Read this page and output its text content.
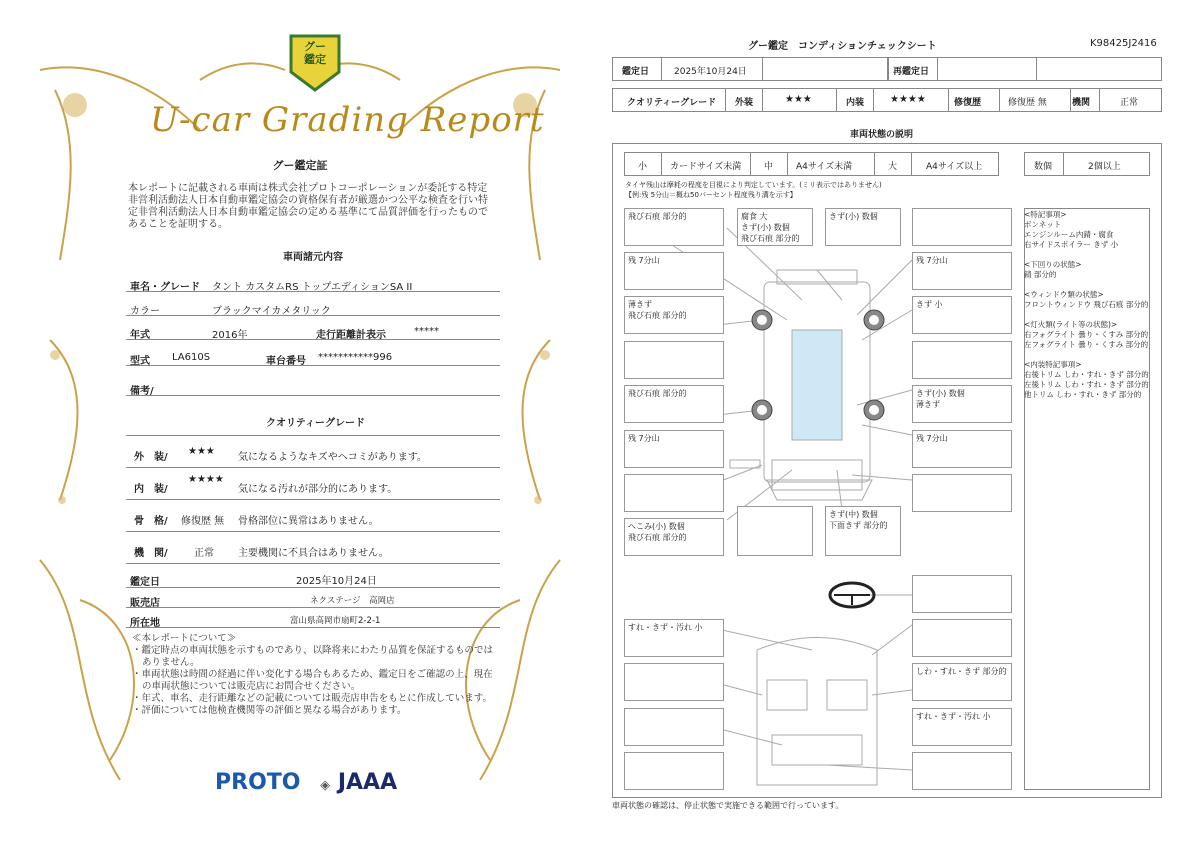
グー
鑑定
U-car Grading Report
グー鑑定証
本レポートに記載される車両は株式会社プロトコーポレーションが委託する特定非営利活動法人日本自動車鑑定協会の資格保有者が厳選かつ公平な検査を行い特定非営利活動法人日本自動車鑑定協会の定める基準にて品質評価を行ったものであることを証明する。
車両諸元内容
車名・グレード タント カスタムRS トップエディションSA II
カラー	ブラックマイカメタリック
年式	2016年	走行距離計表示	*****
型式 LA610S	車台番号 ***********996
備考/
クオリティーグレード
外　装/
★★★
気になるようなキズやヘコミがあります。
内　装/
★★★★
気になる汚れが部分的にあります。
骨　格/ 修復歴 無 骨格部位に異常はありません。
機　関/	正常 主要機関に不具合はありません。
鑑定日	2025年10月24日
販売店	ネクステージ　高岡店
所在地	富山県高岡市扇町2-2-1
≪本レポートについて≫
・鑑定時点の車両状態を示すものであり、以降将来にわたり品質を保証するものではありません。
・車両状態は時間の経過に伴い変化する場合もあるため、鑑定日をご確認の上、現在の車両状態については販売店にお問合せください。
・年式、車名、走行距離などの記載については販売店申告をもとに作成しています。
・評価については他検査機関等の評価と異なる場合があります。
PROTO ◈ JAAA
グー鑑定　コンディションチェックシート	K98425J2416
鑑定日	2025年10月24日	再鑑定日
クオリティーグレード 外装	★★★	内装	★★★★	修復歴	修復歴 無	機関	正常
車両状態の説明
小	カードサイズ未満	中	A4サイズ未満	大	A4サイズ以上	数個	2個以上
タイヤ残山は摩耗の程度を目視により判定しています。(ミリ表示ではありません)
【例:残 5分山＝概ね50パーセント程度残り溝を示す】
飛び石痕 部分的	腐食 大
きず(小) 数個
飛び石痕 部分的
きず(小) 数個
残 7分山	残 7分山
薄きず
飛び石痕 部分的
きず 小
飛び石痕 部分的	きず(小) 数個
薄きず
残 7分山	残 7分山
へこみ(小) 数個
飛び石痕 部分的
きず(中) 数個
下面きず 部分的
すれ・きず・汚れ 小
しわ・すれ・きず 部分的
すれ・きず・汚れ 小
<特記事項>
ボンネット
エンジンルーム内錆・腐食
右サイドスポイラー きず 小
<下回りの状態>
錆 部分的
<ウィンドウ類の状態>
フロントウィンドウ 飛び石痕 部分的
<灯火類(ライト等の状態)>
右フォグライト 曇り・くすみ 部分的
左フォグライト 曇り・くすみ 部分的
<内装特記事項>
右後トリム しわ・すれ・きず 部分的
左後トリム しわ・すれ・きず 部分的
他トリム しわ・すれ・きず 部分的
車両状態の確認は、停止状態で実施できる範囲で行っています。
